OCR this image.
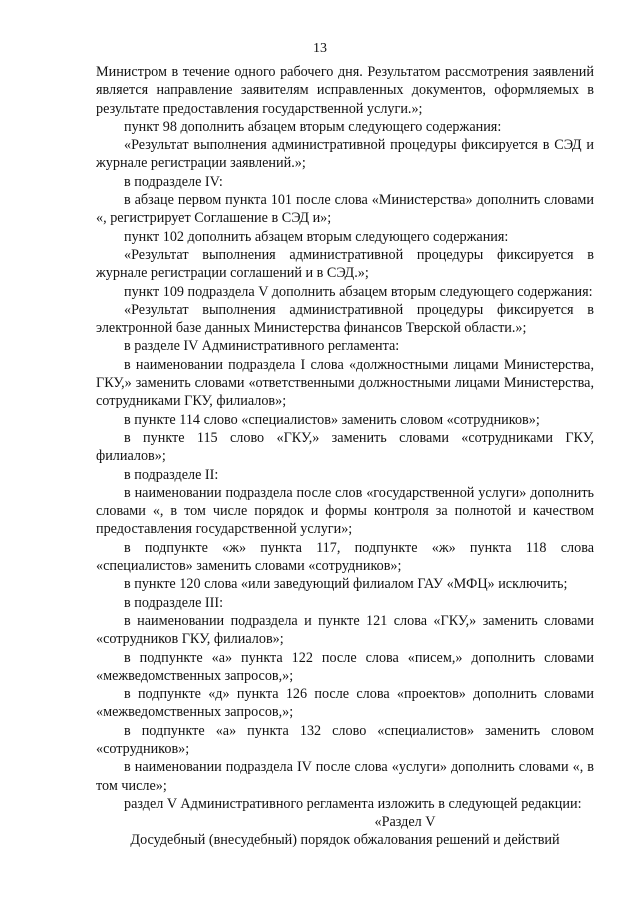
13

Министром в течение одного рабочего дня. Результатом рассмотрения заявлений является направление заявителям исправленных документов, оформляемых в результате предоставления государственной услуги.»;

пункт 98 дополнить абзацем вторым следующего содержания:

«Результат выполнения административной процедуры фиксируется в СЭД и журнале регистрации заявлений.»;

в подразделе IV:

в абзаце первом пункта 101 после слова «Министерства» дополнить словами «, регистрирует Соглашение в СЭД и»;

пункт 102 дополнить абзацем вторым следующего содержания:

«Результат выполнения административной процедуры фиксируется в журнале регистрации соглашений и в СЭД.»;

пункт 109 подраздела V дополнить абзацем вторым следующего содержания:

«Результат выполнения административной процедуры фиксируется в электронной базе данных Министерства финансов Тверской области.»;

в разделе IV Административного регламента:

в наименовании подраздела I слова «должностными лицами Министерства, ГКУ,» заменить словами «ответственными должностными лицами Министерства, сотрудниками ГКУ, филиалов»;

в пункте 114 слово «специалистов» заменить словом «сотрудников»;

в пункте 115 слово «ГКУ,» заменить словами «сотрудниками ГКУ, филиалов»;

в подразделе II:

в наименовании подраздела после слов «государственной услуги» дополнить словами «, в том числе порядок и формы контроля за полнотой и качеством предоставления государственной услуги»;

в подпункте «ж» пункта 117, подпункте «ж» пункта 118 слова «специалистов» заменить словами «сотрудников»;

в пункте 120 слова «или заведующий филиалом ГАУ «МФЦ» исключить;

в подразделе III:

в наименовании подраздела и пункте 121 слова «ГКУ,» заменить словами «сотрудников ГКУ, филиалов»;

в подпункте «а» пункта 122 после слова «писем,» дополнить словами «межведомственных запросов,»;

в подпункте «д» пункта 126 после слова «проектов» дополнить словами «межведомственных запросов,»;

в подпункте «а» пункта 132 слово «специалистов» заменить словом «сотрудников»;

в наименовании подраздела IV после слова «услуги» дополнить словами «, в том числе»;

раздел V Административного регламента изложить в следующей редакции:

«Раздел V

Досудебный (внесудебный) порядок обжалования решений и действий
